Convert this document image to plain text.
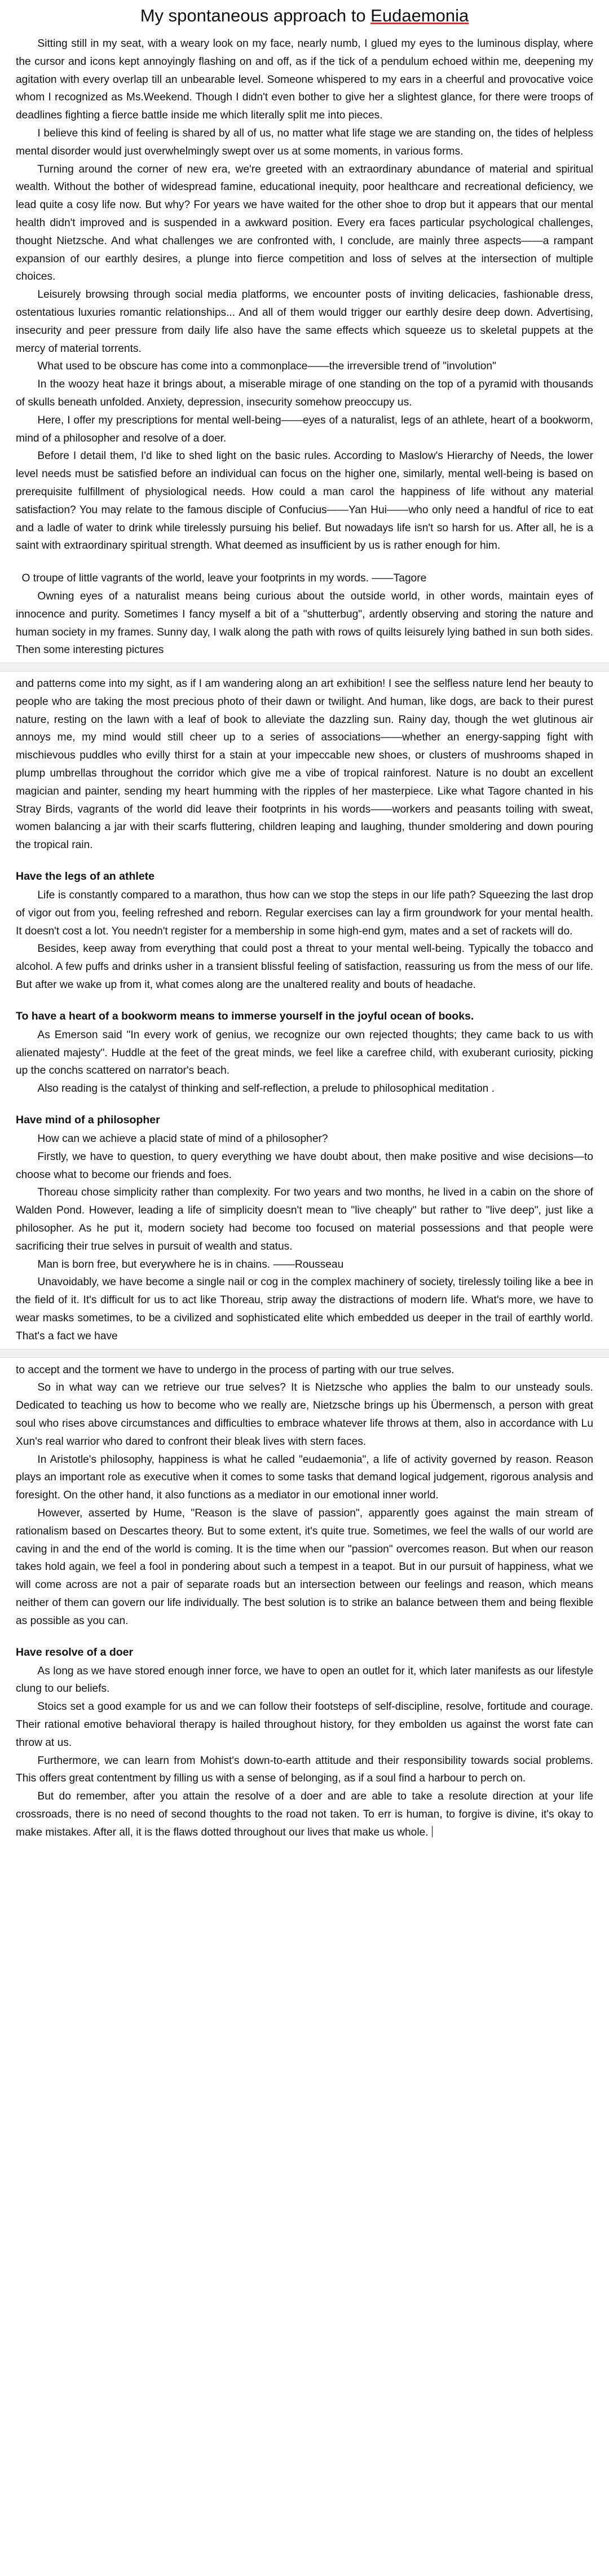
My spontaneous approach to Eudaemonia

Sitting still in my seat, with a weary look on my face, nearly numb, I glued my eyes to the luminous display, where the cursor and icons kept annoyingly flashing on and off, as if the tick of a pendulum echoed within me, deepening my agitation with every overlap till an unbearable level. Someone whispered to my ears in a cheerful and provocative voice whom I recognized as Ms.Weekend. Though I didn't even bother to give her a slightest glance, for there were troops of deadlines fighting a fierce battle inside me which literally split me into pieces.

I believe this kind of feeling is shared by all of us, no matter what life stage we are standing on, the tides of helpless mental disorder would just overwhelmingly swept over us at some moments, in various forms.

Turning around the corner of new era, we're greeted with an extraordinary abundance of material and spiritual wealth. Without the bother of widespread famine, educational inequity, poor healthcare and recreational deficiency, we lead quite a cosy life now. But why? For years we have waited for the other shoe to drop but it appears that our mental health didn't improved and is suspended in a awkward position. Every era faces particular psychological challenges, thought Nietzsche. And what challenges we are confronted with, I conclude, are mainly three aspects——a rampant expansion of our earthly desires, a plunge into fierce competition and loss of selves at the intersection of multiple choices.

Leisurely browsing through social media platforms, we encounter posts of inviting delicacies, fashionable dress, ostentatious luxuries romantic relationships... And all of them would trigger our earthly desire deep down. Advertising, insecurity and peer pressure from daily life also have the same effects which squeeze us to skeletal puppets at the mercy of material torrents.

What used to be obscure has come into a commonplace——the irreversible trend of "involution"

In the woozy heat haze it brings about, a miserable mirage of one standing on the top of a pyramid with thousands of skulls beneath unfolded. Anxiety, depression, insecurity somehow preoccupy us.

Here, I offer my prescriptions for mental well-being——eyes of a naturalist, legs of an athlete, heart of a bookworm, mind of a philosopher and resolve of a doer.

Before I detail them, I'd like to shed light on the basic rules. According to Maslow's Hierarchy of Needs, the lower level needs must be satisfied before an individual can focus on the higher one, similarly, mental well-being is based on prerequisite fulfillment of physiological needs. How could a man carol the happiness of life without any material satisfaction? You may relate to the famous disciple of Confucius——Yan Hui——who only need a handful of rice to eat and a ladle of water to drink while tirelessly pursuing his belief. But nowadays life isn't so harsh for us. After all, he is a saint with extraordinary spiritual strength. What deemed as insufficient by us is rather enough for him.

O troupe of little vagrants of the world, leave your footprints in my words. ——Tagore

Owning eyes of a naturalist means being curious about the outside world, in other words, maintain eyes of innocence and purity. Sometimes I fancy myself a bit of a "shutterbug", ardently observing and storing the nature and human society in my frames. Sunny day, I walk along the path with rows of quilts leisurely lying bathed in sun both sides. Then some interesting pictures

and patterns come into my sight, as if I am wandering along an art exhibition! I see the selfless nature lend her beauty to people who are taking the most precious photo of their dawn or twilight. And human, like dogs, are back to their purest nature, resting on the lawn with a leaf of book to alleviate the dazzling sun. Rainy day, though the wet glutinous air annoys me, my mind would still cheer up to a series of associations——whether an energy-sapping fight with mischievous puddles who evilly thirst for a stain at your impeccable new shoes, or clusters of mushrooms shaped in plump umbrellas throughout the corridor which give me a vibe of tropical rainforest. Nature is no doubt an excellent magician and painter, sending my heart humming with the ripples of her masterpiece. Like what Tagore chanted in his Stray Birds, vagrants of the world did leave their footprints in his words——workers and peasants toiling with sweat, women balancing a jar with their scarfs fluttering, children leaping and laughing, thunder smoldering and down pouring the tropical rain.

Have the legs of an athlete

Life is constantly compared to a marathon, thus how can we stop the steps in our life path? Squeezing the last drop of vigor out from you, feeling refreshed and reborn. Regular exercises can lay a firm groundwork for your mental health. It doesn't cost a lot. You needn't register for a membership in some high-end gym, mates and a set of rackets will do.

Besides, keep away from everything that could post a threat to your mental well-being. Typically the tobacco and alcohol. A few puffs and drinks usher in a transient blissful feeling of satisfaction, reassuring us from the mess of our life. But after we wake up from it, what comes along are the unaltered reality and bouts of headache.

To have a heart of a bookworm means to immerse yourself in the joyful ocean of books.

As Emerson said "In every work of genius, we recognize our own rejected thoughts; they came back to us with alienated majesty". Huddle at the feet of the great minds, we feel like a carefree child, with exuberant curiosity, picking up the conchs scattered on narrator's beach.

Also reading is the catalyst of thinking and self-reflection, a prelude to philosophical meditation .

Have mind of a philosopher

How can we achieve a placid state of mind of a philosopher?

Firstly, we have to question, to query everything we have doubt about, then make positive and wise decisions—to choose what to become our friends and foes.

Thoreau chose simplicity rather than complexity. For two years and two months, he lived in a cabin on the shore of Walden Pond. However, leading a life of simplicity doesn't mean to "live cheaply" but rather to "live deep", just like a philosopher. As he put it, modern society had become too focused on material possessions and that people were sacrificing their true selves in pursuit of wealth and status.

Man is born free, but everywhere he is in chains. ——Rousseau

Unavoidably, we have become a single nail or cog in the complex machinery of society, tirelessly toiling like a bee in the field of it. It's difficult for us to act like Thoreau, strip away the distractions of modern life. What's more, we have to wear masks sometimes, to be a civilized and sophisticated elite which embedded us deeper in the trail of earthly world. That's a fact we have

to accept and the torment we have to undergo in the process of parting with our true selves.

So in what way can we retrieve our true selves? It is Nietzsche who applies the balm to our unsteady souls. Dedicated to teaching us how to become who we really are, Nietzsche brings up his Übermensch, a person with great soul who rises above circumstances and difficulties to embrace whatever life throws at them, also in accordance with Lu Xun's real warrior who dared to confront their bleak lives with stern faces.

In Aristotle's philosophy, happiness is what he called "eudaemonia", a life of activity governed by reason. Reason plays an important role as executive when it comes to some tasks that demand logical judgement, rigorous analysis and foresight. On the other hand, it also functions as a mediator in our emotional inner world.

However, asserted by Hume, "Reason is the slave of passion", apparently goes against the main stream of rationalism based on Descartes theory. But to some extent, it's quite true. Sometimes, we feel the walls of our world are caving in and the end of the world is coming. It is the time when our "passion" overcomes reason. But when our reason takes hold again, we feel a fool in pondering about such a tempest in a teapot. But in our pursuit of happiness, what we will come across are not a pair of separate roads but an intersection between our feelings and reason, which means neither of them can govern our life individually. The best solution is to strike an balance between them and being flexible as possible as you can.

Have resolve of a doer

As long as we have stored enough inner force, we have to open an outlet for it, which later manifests as our lifestyle clung to our beliefs.

Stoics set a good example for us and we can follow their footsteps of self-discipline, resolve, fortitude and courage. Their rational emotive behavioral therapy is hailed throughout history, for they embolden us against the worst fate can throw at us.

Furthermore, we can learn from Mohist's down-to-earth attitude and their responsibility towards social problems. This offers great contentment by filling us with a sense of belonging, as if a soul find a harbour to perch on.

But do remember, after you attain the resolve of a doer and are able to take a resolute direction at your life crossroads, there is no need of second thoughts to the road not taken. To err is human, to forgive is divine, it's okay to make mistakes. After all, it is the flaws dotted throughout our lives that make us whole.
